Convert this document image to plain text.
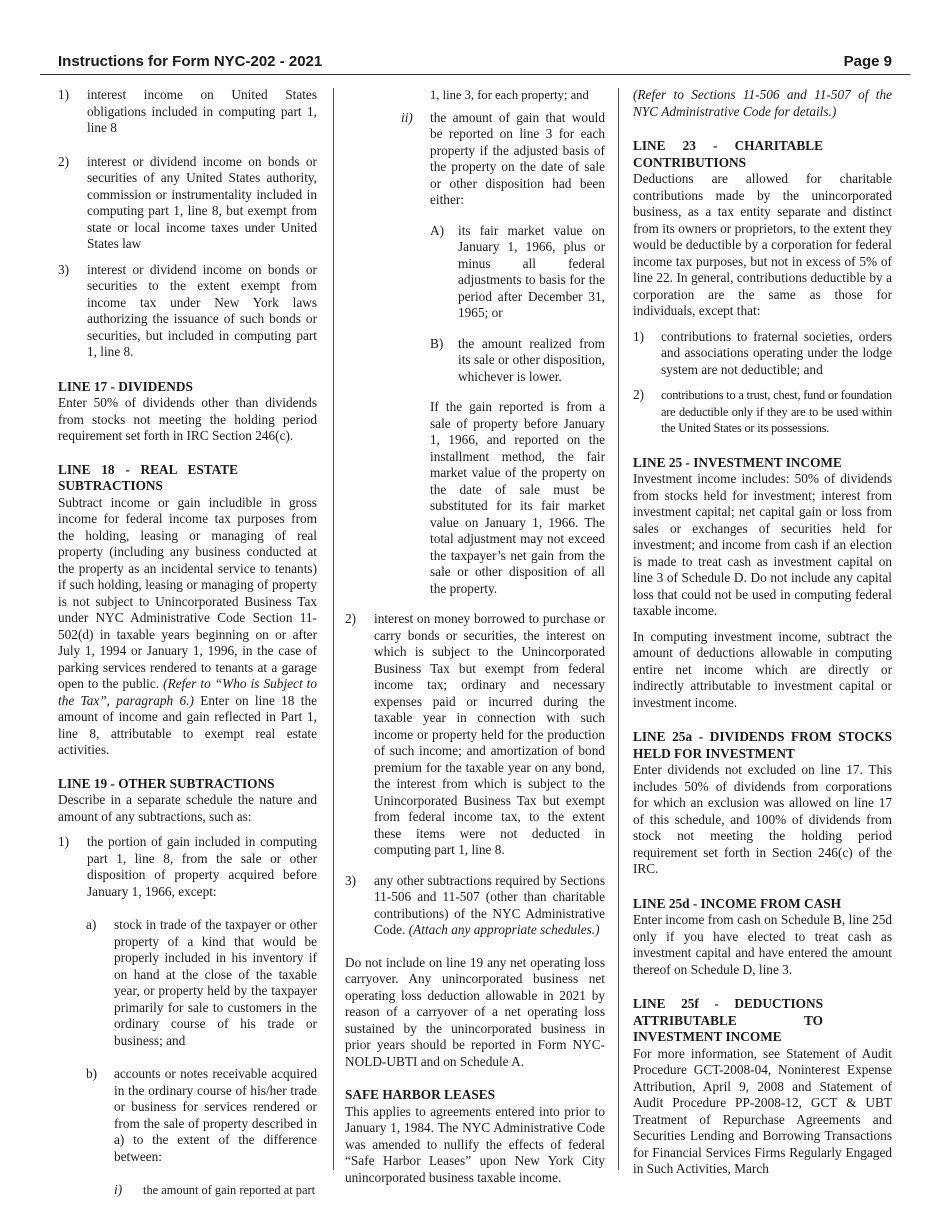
Instructions for Form NYC-202 - 2021	Page 9
1) interest income on United States obligations included in computing part 1, line 8

2) interest or dividend income on bonds or securities of any United States authority, commission or instrumentality included in computing part 1, line 8, but exempt from state or local income taxes under United States law

3) interest or dividend income on bonds or securities to the extent exempt from income tax under New York laws authorizing the issuance of such bonds or securities, but included in computing part 1, line 8.

LINE 17 - DIVIDENDS

Enter 50% of dividends other than dividends from stocks not meeting the holding period requirement set forth in IRC Section 246(c).

LINE 18 - REAL ESTATE SUBTRACTIONS

Subtract income or gain includible in gross income for federal income tax purposes from the holding, leasing or managing of real property (including any business conducted at the property as an incidental service to tenants) if such holding, leasing or managing of property is not subject to Unincorporated Business Tax under NYC Administrative Code Section 11-502(d) in taxable years beginning on or after July 1, 1994 or January 1, 1996, in the case of parking services rendered to tenants at a garage open to the public. (Refer to “Who is Subject to the Tax”, paragraph 6.) Enter on line 18 the amount of income and gain reflected in Part 1, line 8, attributable to exempt real estate activities.

LINE 19 - OTHER SUBTRACTIONS

Describe in a separate schedule the nature and amount of any subtractions, such as:

1) the portion of gain included in computing part 1, line 8, from the sale or other disposition of property acquired before January 1, 1966, except:

a) stock in trade of the taxpayer or other property of a kind that would be properly included in his inventory if on hand at the close of the taxable year, or property held by the taxpayer primarily for sale to customers in the ordinary course of his trade or business; and

b) accounts or notes receivable acquired in the ordinary course of his/her trade or business for services rendered or from the sale of property described in a) to the extent of the difference between:

i) the amount of gain reported at part

1, line 3, for each property; and

ii) the amount of gain that would be reported on line 3 for each property if the adjusted basis of the property on the date of sale or other disposition had been either:

A) its fair market value on January 1, 1966, plus or minus all federal adjustments to basis for the period after December 31, 1965; or

B) the amount realized from its sale or other disposition, whichever is lower.

If the gain reported is from a sale of property before January 1, 1966, and reported on the installment method, the fair market value of the property on the date of sale must be substituted for its fair market value on January 1, 1966. The total adjustment may not exceed the taxpayer’s net gain from the sale or other disposition of all the property.

2) interest on money borrowed to purchase or carry bonds or securities, the interest on which is subject to the Unincorporated Business Tax but exempt from federal income tax; ordinary and necessary expenses paid or incurred during the taxable year in connection with such income or property held for the production of such income; and amortization of bond premium for the taxable year on any bond, the interest from which is subject to the Unincorporated Business Tax but exempt from federal income tax, to the extent these items were not deducted in computing part 1, line 8.

3) any other subtractions required by Sections 11-506 and 11-507 (other than charitable contributions) of the NYC Administrative Code. (Attach any appropriate schedules.)

Do not include on line 19 any net operating loss carryover. Any unincorporated business net operating loss deduction allowable in 2021 by reason of a carryover of a net operating loss sustained by the unincorporated business in prior years should be reported in Form NYC-NOLD-UBTI and on Schedule A.

SAFE HARBOR LEASES

This applies to agreements entered into prior to January 1, 1984. The NYC Administrative Code was amended to nullify the effects of federal “Safe Harbor Leases” upon New York City unincorporated business taxable income.

(Refer to Sections 11-506 and 11-507 of the NYC Administrative Code for details.)

LINE 23 - CHARITABLE CONTRIBUTIONS

Deductions are allowed for charitable contributions made by the unincorporated business, as a tax entity separate and distinct from its owners or proprietors, to the extent they would be deductible by a corporation for federal income tax purposes, but not in excess of 5% of line 22. In general, contributions deductible by a corporation are the same as those for individuals, except that:

1) contributions to fraternal societies, orders and associations operating under the lodge system are not deductible; and

2) contributions to a trust, chest, fund or foundation are deductible only if they are to be used within the United States or its possessions.

LINE 25 - INVESTMENT INCOME

Investment income includes: 50% of dividends from stocks held for investment; interest from investment capital; net capital gain or loss from sales or exchanges of securities held for investment; and income from cash if an election is made to treat cash as investment capital on line 3 of Schedule D. Do not include any capital loss that could not be used in computing federal taxable income.

In computing investment income, subtract the amount of deductions allowable in computing entire net income which are directly or indirectly attributable to investment capital or investment income.

LINE 25a - DIVIDENDS FROM STOCKS HELD FOR INVESTMENT

Enter dividends not excluded on line 17. This includes 50% of dividends from corporations for which an exclusion was allowed on line 17 of this schedule, and 100% of dividends from stock not meeting the holding period requirement set forth in Section 246(c) of the IRC.

LINE 25d - INCOME FROM CASH

Enter income from cash on Schedule B, line 25d only if you have elected to treat cash as investment capital and have entered the amount thereof on Schedule D, line 3.

LINE 25f - DEDUCTIONS ATTRIBUTABLE TO INVESTMENT INCOME

For more information, see Statement of Audit Procedure GCT-2008-04, Noninterest Expense Attribution, April 9, 2008 and Statement of Audit Procedure PP-2008-12, GCT & UBT Treatment of Repurchase Agreements and Securities Lending and Borrowing Transactions for Financial Services Firms Regularly Engaged in Such Activities, March
